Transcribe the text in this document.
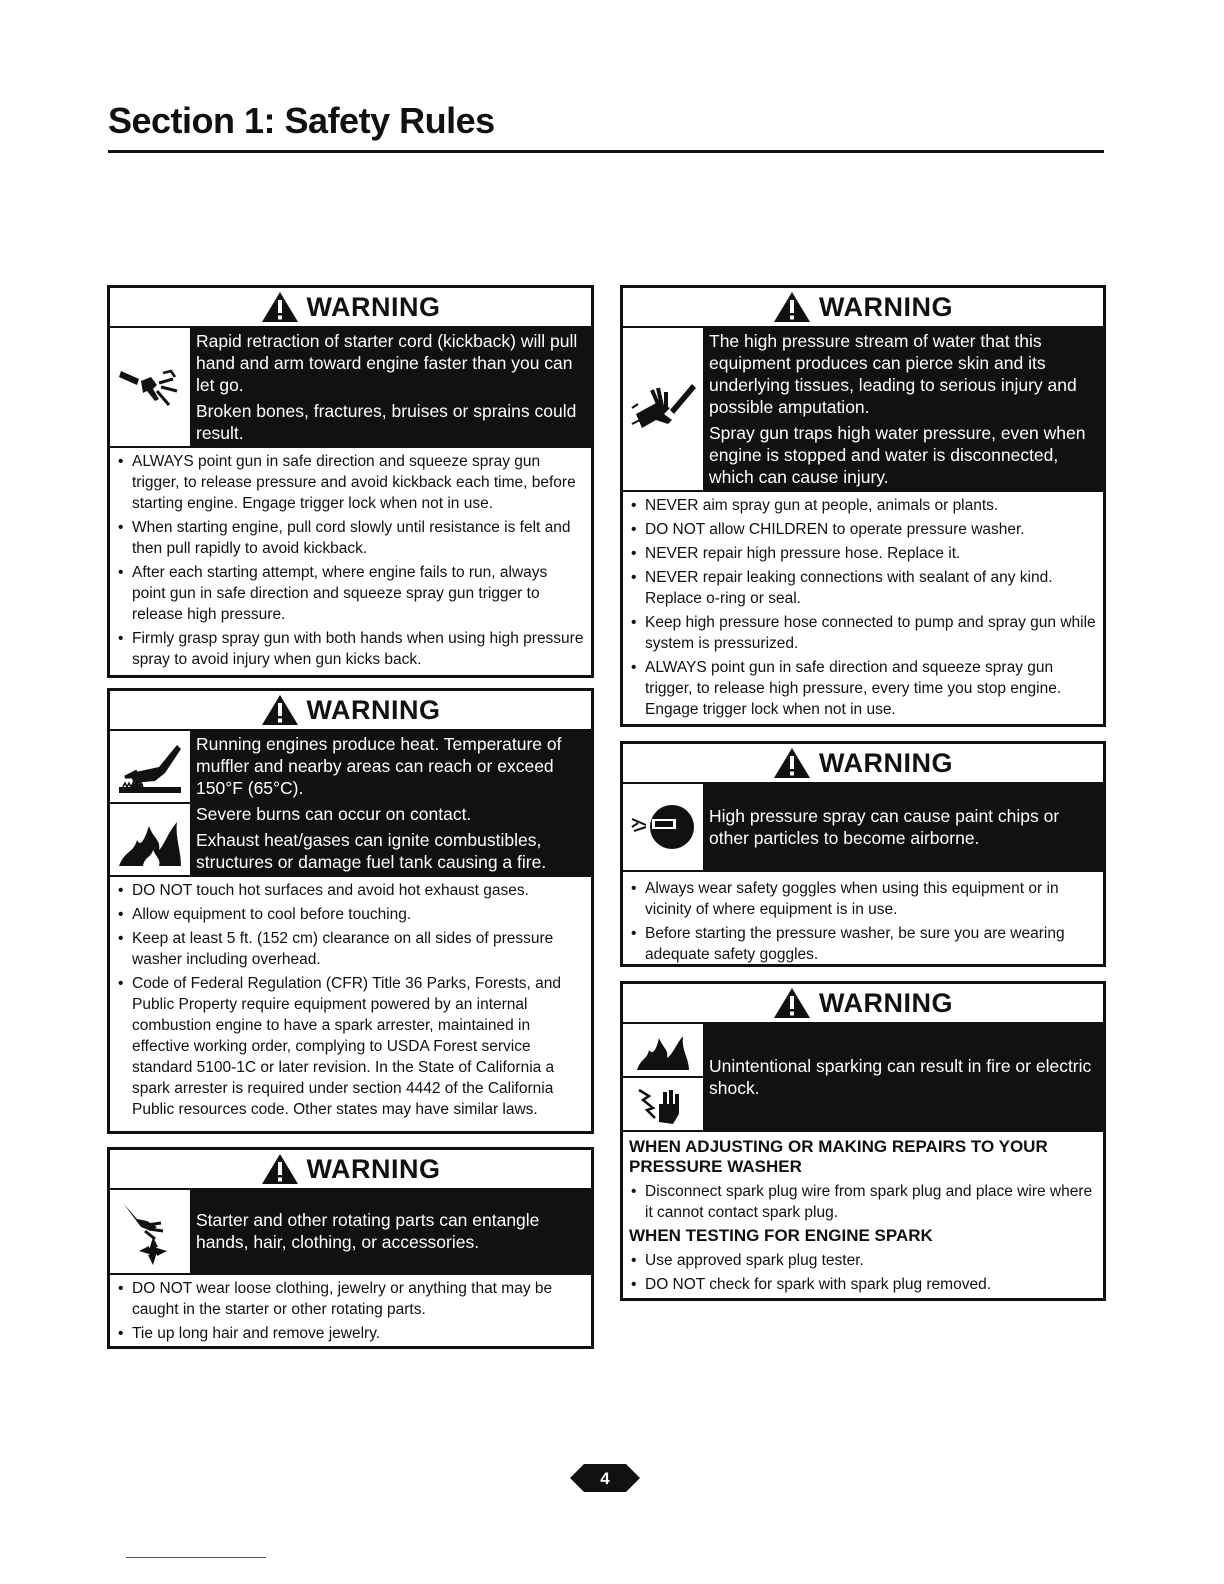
Section 1: Safety Rules
WARNING

Rapid retraction of starter cord (kickback) will pull hand and arm toward engine faster than you can let go.

Broken bones, fractures, bruises or sprains could result.

• ALWAYS point gun in safe direction and squeeze spray gun trigger, to release pressure and avoid kickback each time, before starting engine. Engage trigger lock when not in use.
• When starting engine, pull cord slowly until resistance is felt and then pull rapidly to avoid kickback.
• After each starting attempt, where engine fails to run, always point gun in safe direction and squeeze spray gun trigger to release high pressure.
• Firmly grasp spray gun with both hands when using high pressure spray to avoid injury when gun kicks back.
WARNING

Running engines produce heat. Temperature of muffler and nearby areas can reach or exceed 150°F (65°C).

Severe burns can occur on contact.

Exhaust heat/gases can ignite combustibles, structures or damage fuel tank causing a fire.

• DO NOT touch hot surfaces and avoid hot exhaust gases.
• Allow equipment to cool before touching.
• Keep at least 5 ft. (152 cm) clearance on all sides of pressure washer including overhead.
• Code of Federal Regulation (CFR) Title 36 Parks, Forests, and Public Property require equipment powered by an internal combustion engine to have a spark arrester, maintained in effective working order, complying to USDA Forest service standard 5100-1C or later revision. In the State of California a spark arrester is required under section 4442 of the California Public resources code. Other states may have similar laws.
WARNING

Starter and other rotating parts can entangle hands, hair, clothing, or accessories.

• DO NOT wear loose clothing, jewelry or anything that may be caught in the starter or other rotating parts.
• Tie up long hair and remove jewelry.
WARNING

The high pressure stream of water that this equipment produces can pierce skin and its underlying tissues, leading to serious injury and possible amputation.

Spray gun traps high water pressure, even when engine is stopped and water is disconnected, which can cause injury.

• NEVER aim spray gun at people, animals or plants.
• DO NOT allow CHILDREN to operate pressure washer.
• NEVER repair high pressure hose. Replace it.
• NEVER repair leaking connections with sealant of any kind. Replace o-ring or seal.
• Keep high pressure hose connected to pump and spray gun while system is pressurized.
• ALWAYS point gun in safe direction and squeeze spray gun trigger, to release high pressure, every time you stop engine. Engage trigger lock when not in use.
WARNING

High pressure spray can cause paint chips or other particles to become airborne.

• Always wear safety goggles when using this equipment or in vicinity of where equipment is in use.
• Before starting the pressure washer, be sure you are wearing adequate safety goggles.
WARNING

Unintentional sparking can result in fire or electric shock.

WHEN ADJUSTING OR MAKING REPAIRS TO YOUR PRESSURE WASHER
• Disconnect spark plug wire from spark plug and place wire where it cannot contact spark plug.
WHEN TESTING FOR ENGINE SPARK
• Use approved spark plug tester.
• DO NOT check for spark with spark plug removed.
4
